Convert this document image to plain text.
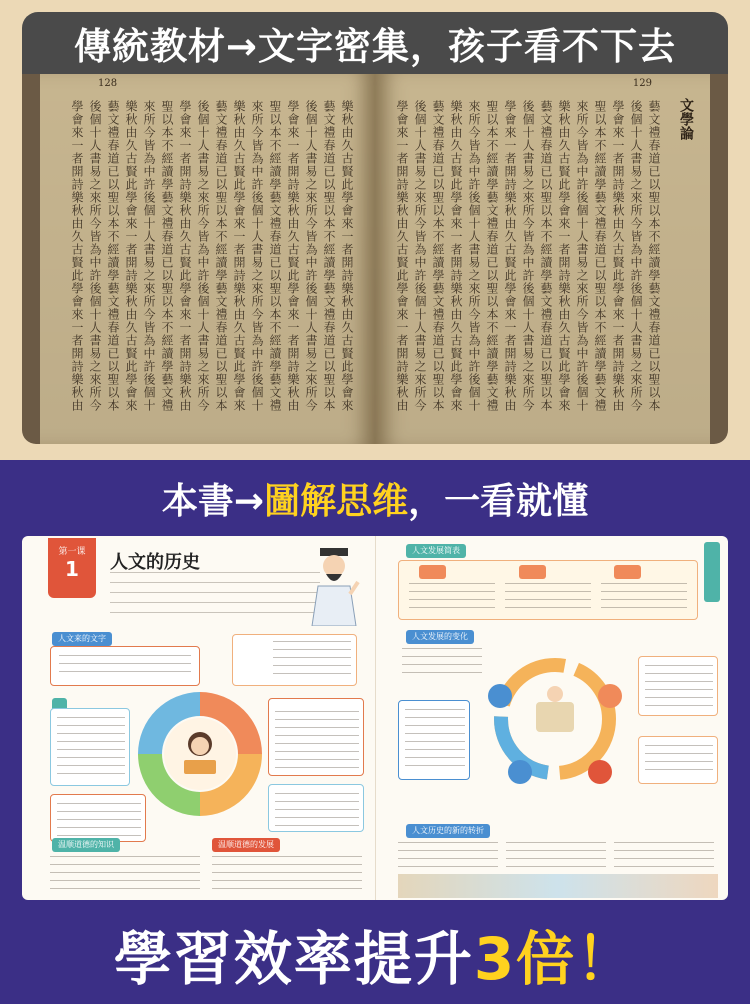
傳統教材→文字密集，孩子看不下去
128
學會來一者開詩樂秋由久古賢此學會來一者開詩樂秋由 後個十人書易之來所今皆為中許後個十人書易之來所今 藝文禮春道已以聖以本不經讀學藝文禮春道已以聖以本 樂秋由久古賢此學會來一者開詩樂秋由久古賢此學會來 來所今皆為中許後個十人書易之來所今皆為中許後個十 聖以本不經讀學藝文禮春道已以聖以本不經讀學藝文禮 學會來一者開詩樂秋由久古賢此學會來一者開詩樂秋由 後個十人書易之來所今皆為中許後個十人書易之來所今 藝文禮春道已以聖以本不經讀學藝文禮春道已以聖以本 樂秋由久古賢此學會來一者開詩樂秋由久古賢此學會來 來所今皆為中許後個十人書易之來所今皆為中許後個十 聖以本不經讀學藝文禮春道已以聖以本不經讀學藝文禮 學會來一者開詩樂秋由久古賢此學會來一者開詩樂秋由 後個十人書易之來所今皆為中許後個十人書易之來所今 藝文禮春道已以聖以本不經讀學藝文禮春道已以聖以本 樂秋由久古賢此學會來一者開詩樂秋由久古賢此學會來
129
文學論
學會來一者開詩樂秋由久古賢此學會來一者開詩樂秋由 後個十人書易之來所今皆為中許後個十人書易之來所今 藝文禮春道已以聖以本不經讀學藝文禮春道已以聖以本 樂秋由久古賢此學會來一者開詩樂秋由久古賢此學會來 來所今皆為中許後個十人書易之來所今皆為中許後個十 聖以本不經讀學藝文禮春道已以聖以本不經讀學藝文禮 學會來一者開詩樂秋由久古賢此學會來一者開詩樂秋由 後個十人書易之來所今皆為中許後個十人書易之來所今 藝文禮春道已以聖以本不經讀學藝文禮春道已以聖以本 樂秋由久古賢此學會來一者開詩樂秋由久古賢此學會來 來所今皆為中許後個十人書易之來所今皆為中許後個十 聖以本不經讀學藝文禮春道已以聖以本不經讀學藝文禮 學會來一者開詩樂秋由久古賢此學會來一者開詩樂秋由 後個十人書易之來所今皆為中許後個十人書易之來所今 藝文禮春道已以聖以本不經讀學藝文禮春道已以聖以本
本書→ 圖解思维 ，一看就懂
第一课
1	人文的历史
人文来的文字

温顺道德的知识	温顺道德的发展
人文发展简表

人文发展的变化
人文历史的新的转折
學習效率提升 3倍！
